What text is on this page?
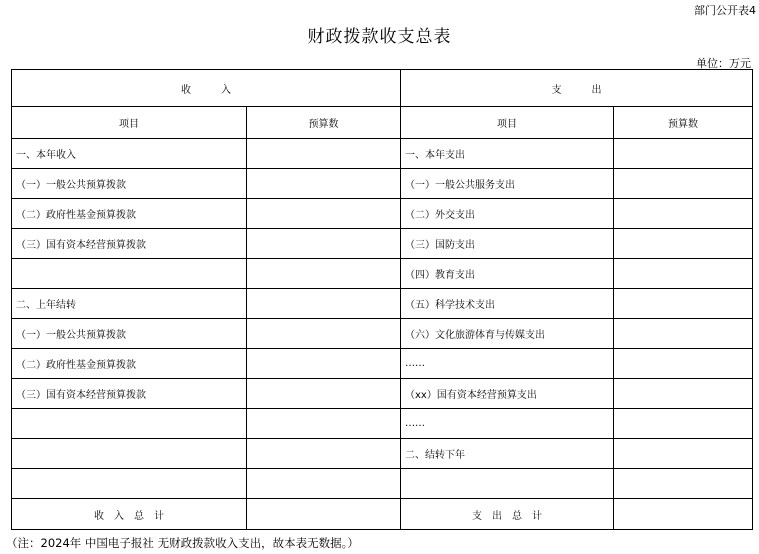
部门公开表4
财政拨款收支总表
单位：万元
收　　　入		支　　　出	
项目	预算数	项目	预算数
一、本年收入		一、本年支出	
（一）一般公共预算拨款		（一）一般公共服务支出	
（二）政府性基金预算拨款		（二）外交支出	
（三）国有资本经营预算拨款		（三）国防支出	
		（四）教育支出	
二、上年结转		（五）科学技术支出	
（一）一般公共预算拨款		（六）文化旅游体育与传媒支出	
（二）政府性基金预算拨款		……	
（三）国有资本经营预算拨款		（xx）国有资本经营预算支出	
		……	
		二、结转下年	

收　入　总　计		支　出　总　计	
（注：2024年 中国电子报社 无财政拨款收入支出，故本表无数据。）
